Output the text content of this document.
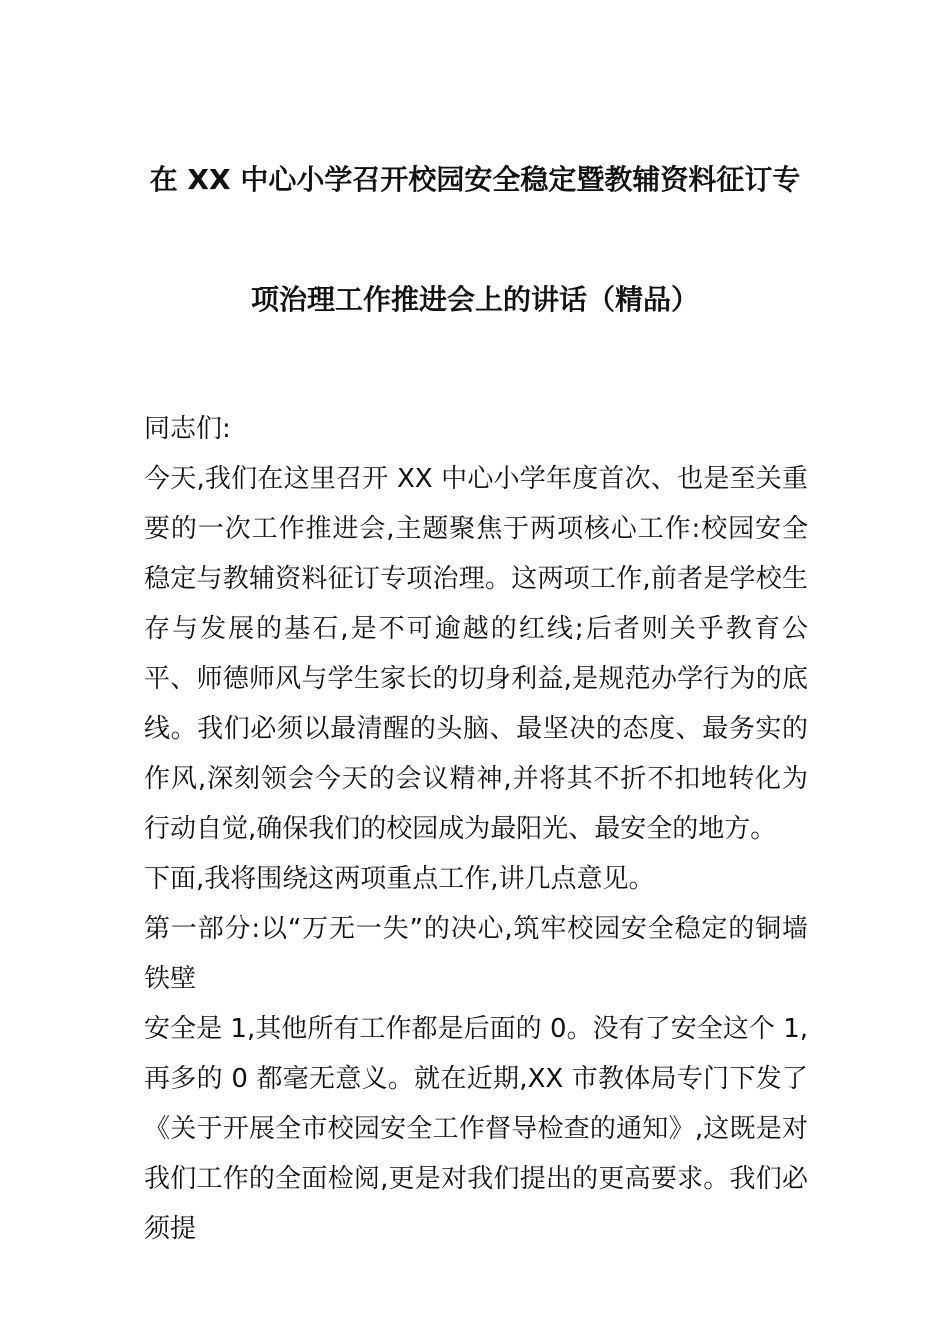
在 XX 中心小学召开校园安全稳定暨教辅资料征订专
项治理工作推进会上的讲话（精品）

同志们:

今天,我们在这里召开 XX 中心小学年度首次、也是至关重要的一次工作推进会,主题聚焦于两项核心工作:校园安全稳定与教辅资料征订专项治理。这两项工作,前者是学校生存与发展的基石,是不可逾越的红线;后者则关乎教育公平、师德师风与学生家长的切身利益,是规范办学行为的底线。我们必须以最清醒的头脑、最坚决的态度、最务实的作风,深刻领会今天的会议精神,并将其不折不扣地转化为行动自觉,确保我们的校园成为最阳光、最安全的地方。

下面,我将围绕这两项重点工作,讲几点意见。

第一部分:以“万无一失”的决心,筑牢校园安全稳定的铜墙铁壁

安全是 1,其他所有工作都是后面的 0。没有了安全这个 1,再多的 0 都毫无意义。就在近期,XX 市教体局专门下发了《关于开展全市校园安全工作督导检查的通知》,这既是对我们工作的全面检阅,更是对我们提出的更高要求。我们必须提
